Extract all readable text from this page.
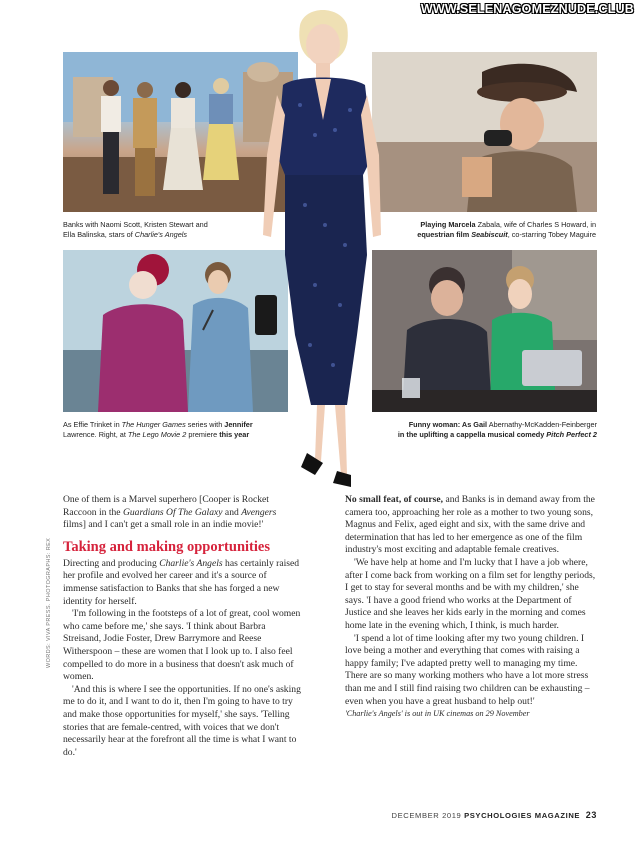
WWW.SELENAGOMEZNUDE.CLUB
Banks with Naomi Scott, Kristen Stewart and
Ella Balinska, stars of Charlie's Angels
Playing Marcela Zabala, wife of Charles S Howard, in
equestrian film Seabiscuit, co-starring Tobey Maguire
As Effie Trinket in The Hunger Games series with Jennifer
Lawrence. Right, at The Lego Movie 2 premiere this year
Funny woman: As Gail Abernathy-McKadden-Feinberger
in the uplifting a cappella musical comedy Pitch Perfect 2

One of them is a Marvel superhero [Cooper is Rocket Raccoon in the Guardians Of The Galaxy and Avengers films] and I can't get a small role in an indie movie!'

Taking and making opportunities

Directing and producing Charlie's Angels has certainly raised her profile and evolved her career and it's a source of immense satisfaction to Banks that she has forged a new identity for herself.

'I'm following in the footsteps of a lot of great, cool women who came before me,' she says. 'I think about Barbra Streisand, Jodie Foster, Drew Barrymore and Reese Witherspoon – these are women that I look up to. I also feel compelled to do more in a business that doesn't ask much of women.

'And this is where I see the opportunities. If no one's asking me to do it, and I want to do it, then I'm going to have to try and make those opportunities for myself,' she says. 'Telling stories that are female-centred, with voices that we don't necessarily hear at the forefront all the time is what I want to do.'

No small feat, of course, and Banks is in demand away from the camera too, approaching her role as a mother to two young sons, Magnus and Felix, aged eight and six, with the same drive and determination that has led to her emergence as one of the film industry's most exciting and adaptable female creatives.

'We have help at home and I'm lucky that I have a job where, after I come back from working on a film set for lengthy periods, I get to stay for several months and be with my children,' she says. 'I have a good friend who works at the Department of Justice and she leaves her kids early in the morning and comes home late in the evening which, I think, is much harder.

'I spend a lot of time looking after my two young children. I love being a mother and everything that comes with raising a happy family; I've adapted pretty well to managing my time. There are so many working mothers who have a lot more stress than me and I still find raising two children can be exhausting – even when you have a great husband to help out!'

'Charlie's Angels' is out in UK cinemas on 29 November

WORDS: VIVA PRESS. PHOTOGRAPHS: REX
DECEMBER 2019 PSYCHOLOGIES MAGAZINE 23
